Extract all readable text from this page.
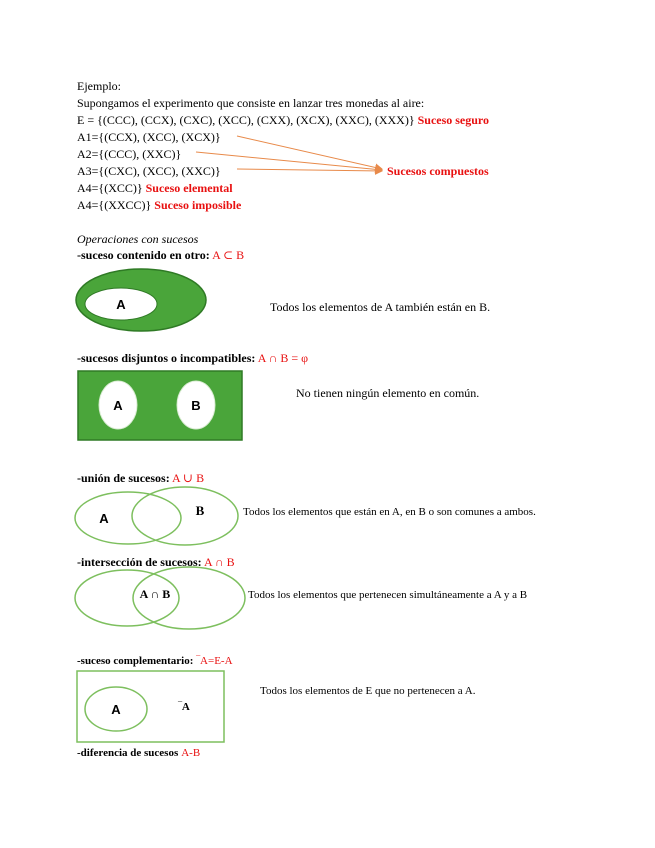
Ejemplo:
Supongamos el experimento que consiste en lanzar tres monedas al aire:
E = {(CCC), (CCX), (CXC), (XCC), (CXX), (XCX), (XXC), (XXX)} Suceso seguro
A1={(CCX), (XCC), (XCX)}
A2={(CCC), (XXC)}
A3={(CXC), (XCC), (XXC)}
A4={(XCC)} Suceso elemental
A4={(XXCC)} Suceso imposible
Sucesos compuestos
Operaciones con sucesos
-suceso contenido en otro: A ⊂ B
A	Todos los elementos de A también están en B.
-sucesos disjuntos o incompatibles: A ∩ B = φ
A	B
No tienen ningún elemento en común.
-unión de sucesos: A ∪ B
A
B	Todos los elementos que están en A, en B o son comunes a ambos.
-intersección de sucesos: A ∩ B
A ∩ B	Todos los elementos que pertenecen simultáneamente a A y a B
-suceso complementario: ‾A=E-A
A	‾A
Todos los elementos de E que no pertenecen a A.
-diferencia de sucesos A-B
